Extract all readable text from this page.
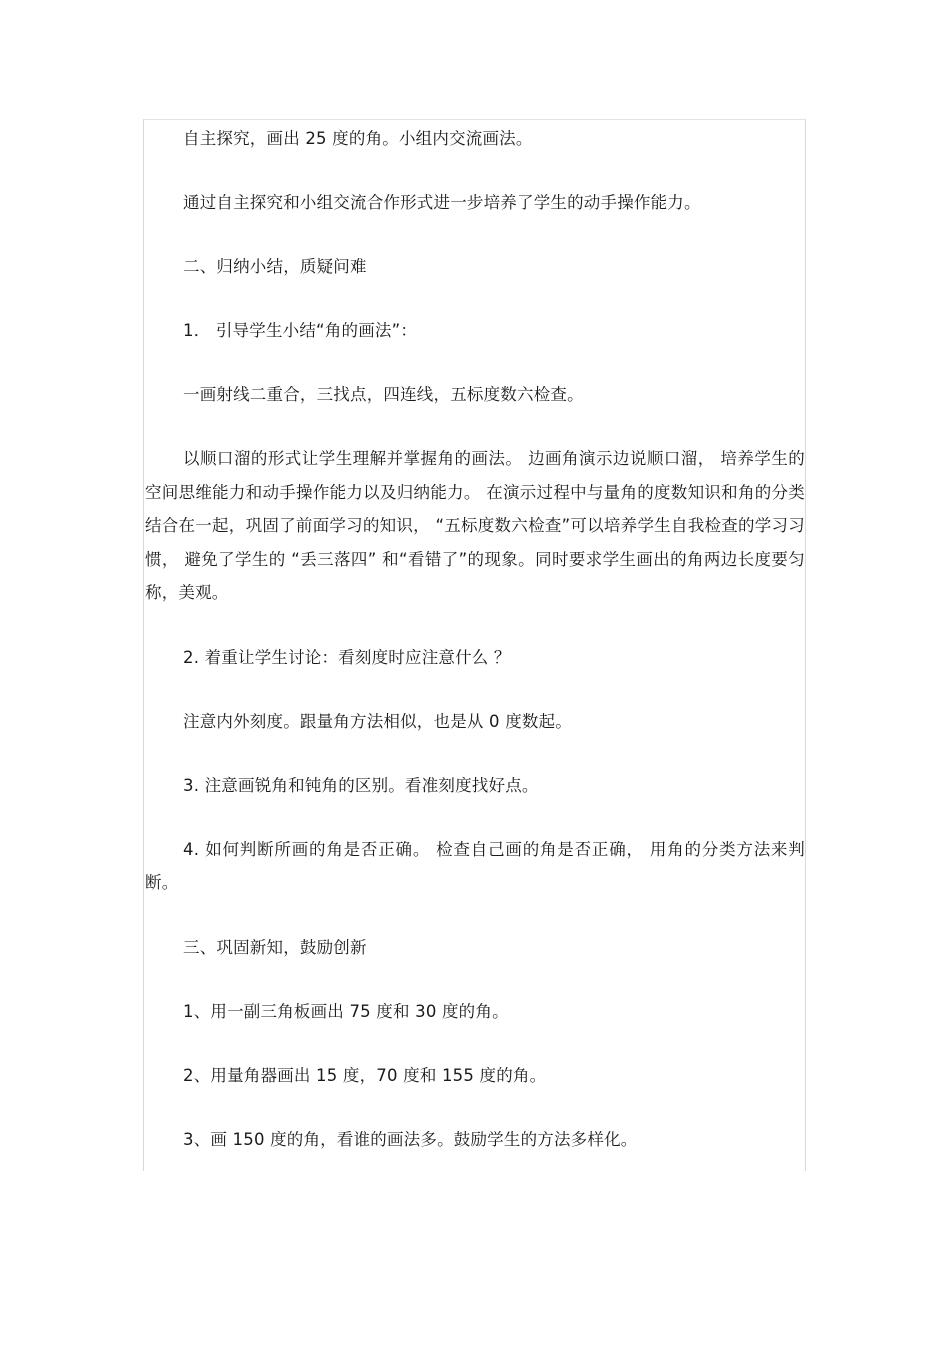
自主探究，画出 25 度的角。小组内交流画法。

通过自主探究和小组交流合作形式进一步培养了学生的动手操作能力。

二、归纳小结，质疑问难

1． 引导学生小结“角的画法”：

一画射线二重合，三找点，四连线，五标度数六检查。

以顺口溜的形式让学生理解并掌握角的画法。 边画角演示边说顺口溜， 培养学生的空间思维能力和动手操作能力以及归纳能力。 在演示过程中与量角的度数知识和角的分类结合在一起，巩固了前面学习的知识， “五标度数六检查”可以培养学生自我检查的学习习惯， 避免了学生的 “丢三落四” 和“看错了”的现象。同时要求学生画出的角两边长度要匀称，美观。

2. 着重让学生讨论：看刻度时应注意什么 ？

注意内外刻度。跟量角方法相似，也是从 0 度数起。

3. 注意画锐角和钝角的区别。看准刻度找好点。

4. 如何判断所画的角是否正确。 检查自己画的角是否正确， 用角的分类方法来判断。

三、巩固新知，鼓励创新

1、用一副三角板画出 75 度和 30 度的角。

2、用量角器画出 15 度，70 度和 155 度的角。

3、画 150 度的角，看谁的画法多。鼓励学生的方法多样化。
